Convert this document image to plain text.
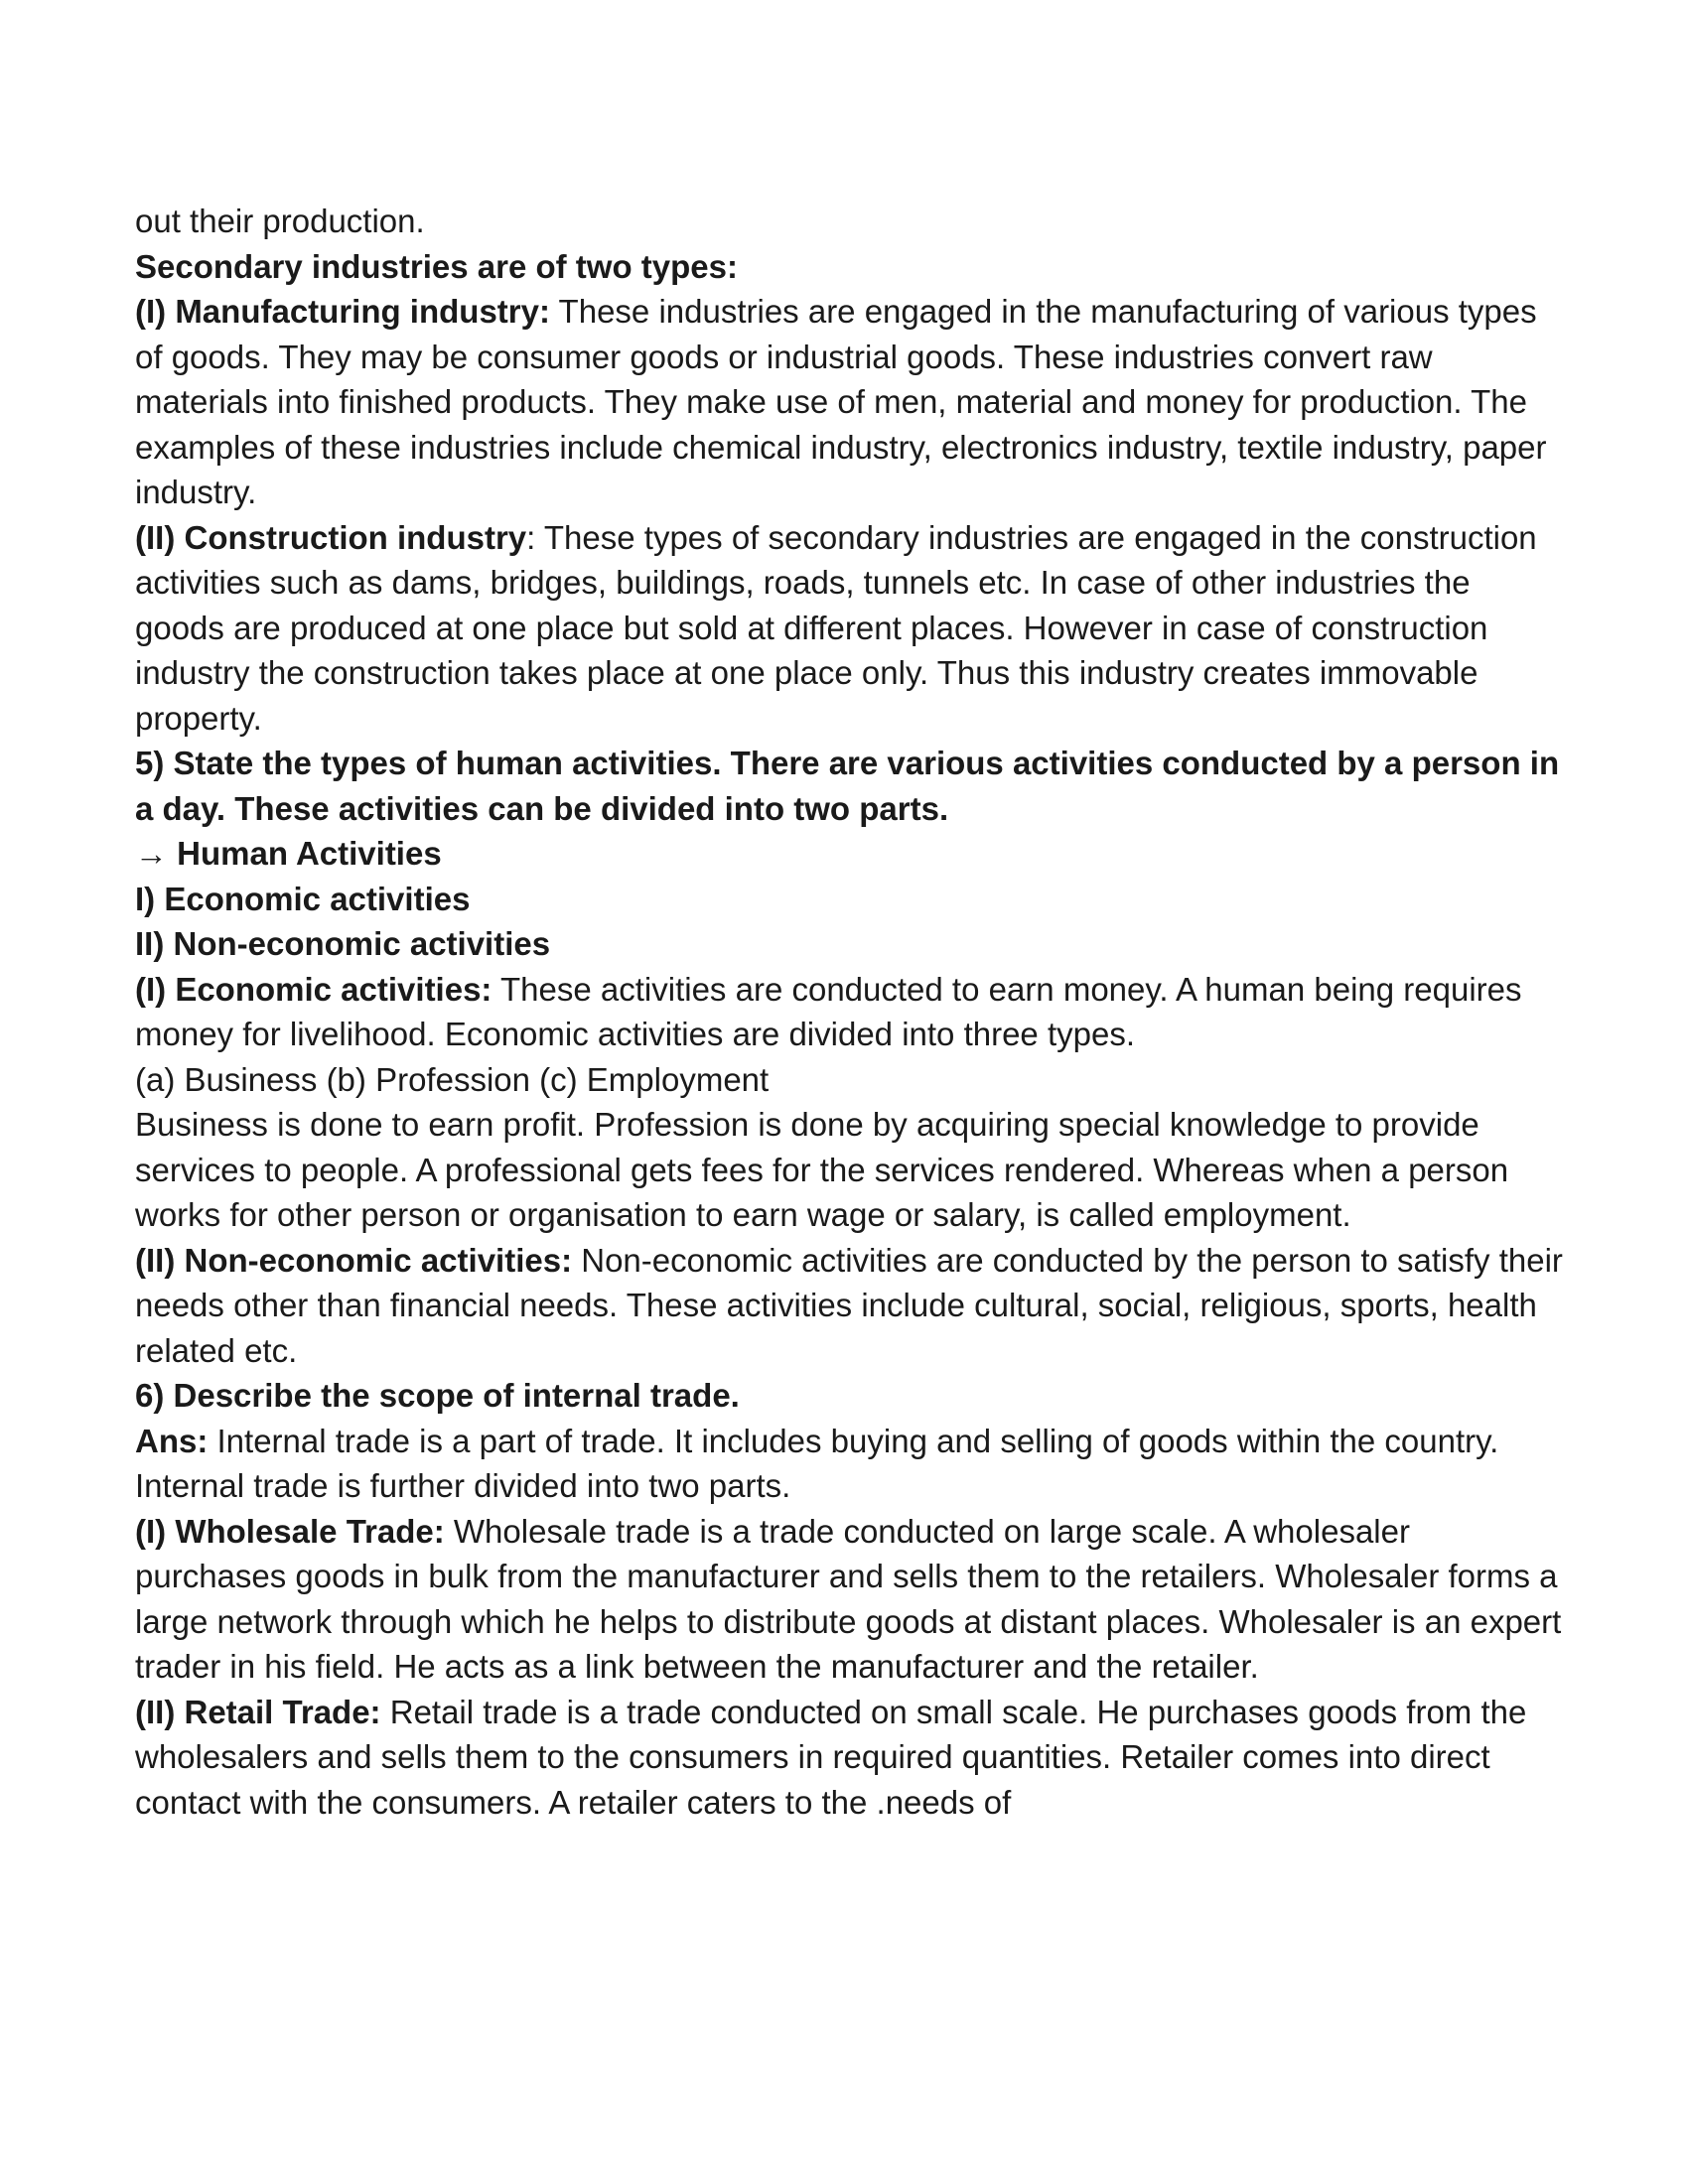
out their production.

Secondary industries are of two types:

(I) Manufacturing industry: These industries are engaged in the manufacturing of various types of goods. They may be consumer goods or industrial goods. These industries convert raw materials into finished products. They make use of men, material and money for production. The examples of these industries include chemical industry, electronics industry, textile industry, paper industry.

(II) Construction industry: These types of secondary industries are engaged in the construction activities such as dams, bridges, buildings, roads, tunnels etc. In case of other industries the goods are produced at one place but sold at different places. However in case of construction industry the construction takes place at one place only. Thus this industry creates immovable property.

5) State the types of human activities. There are various activities conducted by a person in a day. These activities can be divided into two parts.

→ Human Activities

I) Economic activities

II) Non-economic activities

(I) Economic activities: These activities are conducted to earn money. A human being requires money for livelihood. Economic activities are divided into three types.

(a) Business (b) Profession (c) Employment

Business is done to earn profit. Profession is done by acquiring special knowledge to provide services to people. A professional gets fees for the services rendered. Whereas when a person works for other person or organisation to earn wage or salary, is called employment.

(II) Non-economic activities: Non-economic activities are conducted by the person to satisfy their needs other than financial needs. These activities include cultural, social, religious, sports, health related etc.

6) Describe the scope of internal trade.

Ans: Internal trade is a part of trade. It includes buying and selling of goods within the country.

Internal trade is further divided into two parts.

(I) Wholesale Trade: Wholesale trade is a trade conducted on large scale. A wholesaler purchases goods in bulk from the manufacturer and sells them to the retailers. Wholesaler forms a large network through which he helps to distribute goods at distant places. Wholesaler is an expert trader in his field. He acts as a link between the manufacturer and the retailer.

(II) Retail Trade: Retail trade is a trade conducted on small scale. He purchases goods from the wholesalers and sells them to the consumers in required quantities. Retailer comes into direct contact with the consumers. A retailer caters to the .needs of
